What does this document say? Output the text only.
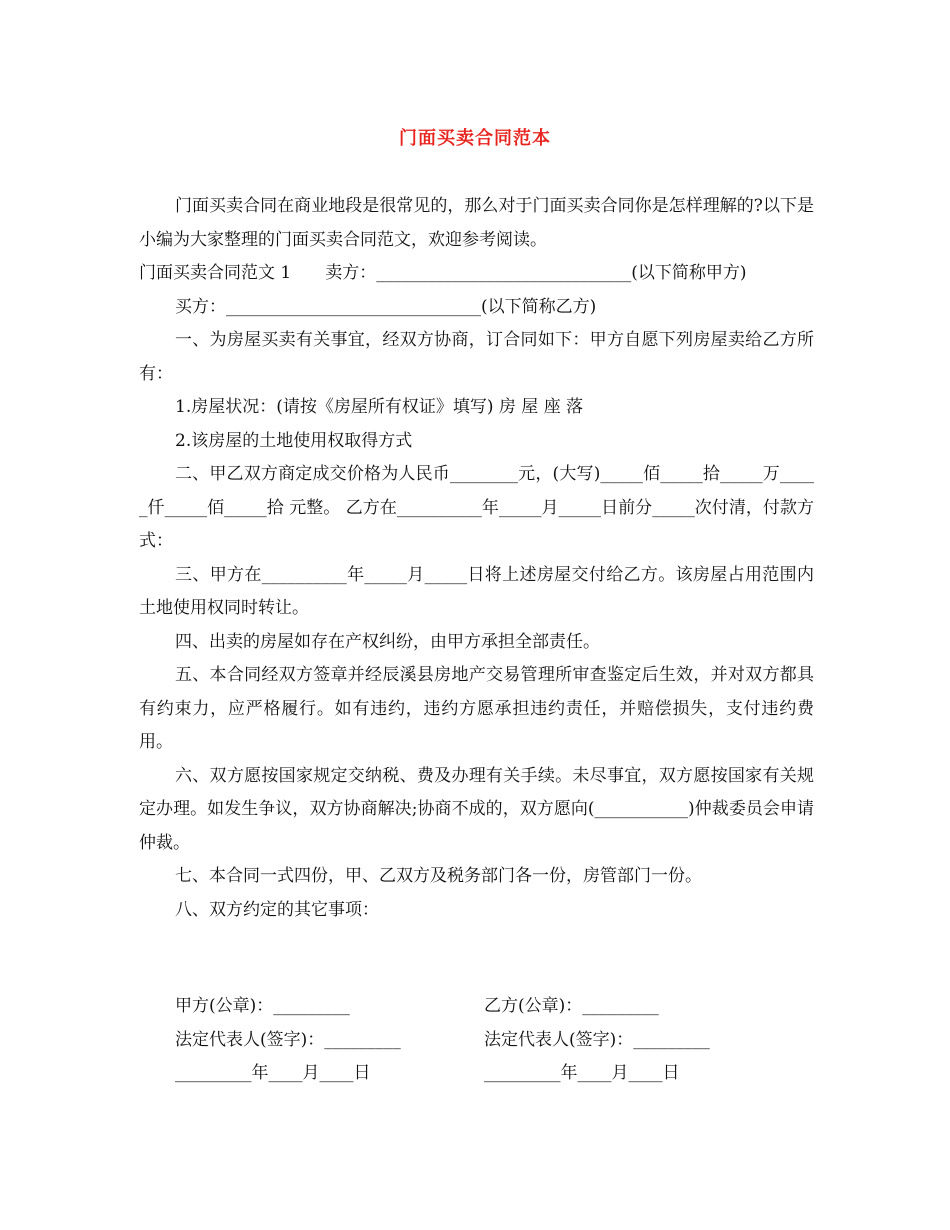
门面买卖合同范本

门面买卖合同在商业地段是很常见的，那么对于门面买卖合同你是怎样理解的?以下是小编为大家整理的门面买卖合同范文，欢迎参考阅读。

门面买卖合同范文 1　　卖方：______________________________(以下简称甲方)

买方：______________________________(以下简称乙方)

一、为房屋买卖有关事宜，经双方协商，订合同如下：甲方自愿下列房屋卖给乙方所有：

1.房屋状况：(请按《房屋所有权证》填写) 房 屋 座 落

2.该房屋的土地使用权取得方式

二、甲乙双方商定成交价格为人民币________元，(大写)_____佰_____拾_____万_____仟_____佰_____拾 元整。 乙方在__________年_____月_____日前分_____次付清，付款方式：

三、甲方在__________年_____月_____日将上述房屋交付给乙方。该房屋占用范围内土地使用权同时转让。

四、出卖的房屋如存在产权纠纷，由甲方承担全部责任。

五、本合同经双方签章并经辰溪县房地产交易管理所审查鉴定后生效，并对双方都具有约束力，应严格履行。如有违约，违约方愿承担违约责任，并赔偿损失，支付违约费用。

六、双方愿按国家规定交纳税、费及办理有关手续。未尽事宜，双方愿按国家有关规定办理。如发生争议，双方协商解决;协商不成的，双方愿向(___________)仲裁委员会申请仲裁。

七、本合同一式四份，甲、乙双方及税务部门各一份，房管部门一份。

八、双方约定的其它事项：

甲方(公章)：_________	乙方(公章)：_________
法定代表人(签字)：_________	法定代表人(签字)：_________
_________年____月____日	_________年____月____日
